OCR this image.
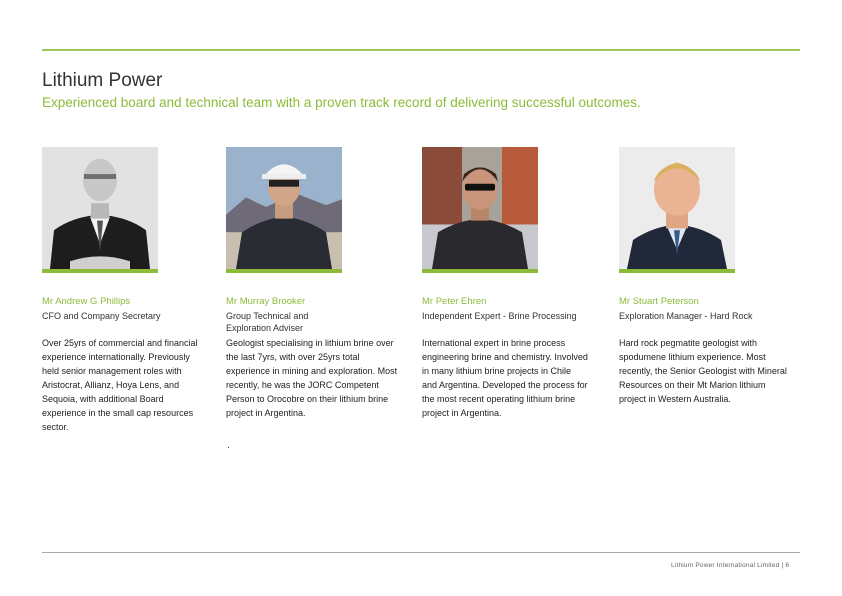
Lithium Power
Experienced board and technical team with a proven track record of delivering successful outcomes.

Mr Andrew G Phillips

CFO and Company Secretary

Over 25yrs of commercial and financial experience internationally. Previously held senior management roles with Aristocrat, Allianz, Hoya Lens, and Sequoia, with additional Board experience in the small cap resources sector.

Mr Murray Brooker

Group Technical and Exploration Adviser

Geologist specialising in lithium brine over the last 7yrs, with over 25yrs total experience in mining and exploration. Most recently, he was the JORC Competent Person to Orocobre on their lithium brine project in Argentina.

Mr Peter Ehren

Independent Expert - Brine Processing

International expert in brine process engineering brine and chemistry. Involved in many lithium brine projects in Chile and Argentina. Developed the process for the most recent operating lithium brine project in Argentina.

Mr Stuart Peterson

Exploration Manager - Hard Rock

Hard rock pegmatite geologist with spodumene lithium experience. Most recently, the Senior Geologist with Mineral Resources on their Mt Marion lithium project in Western Australia.

.
Lithium Power International Limited | 6
